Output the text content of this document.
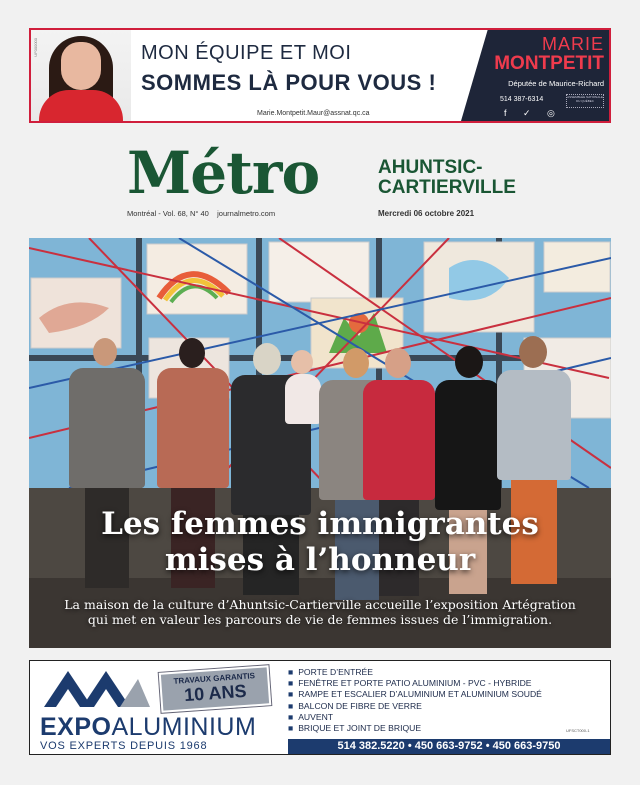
UF000000	MON ÉQUIPE ET MOI
SOMMES LÀ POUR VOUS !
Marie.Montpetit.Maur@assnat.qc.ca
MARIE
MONTPETIT
Députée de Maurice-Richard
514 387-6314	ASSEMBLÉE NATIONALE DU QUÉBEC
f ✓ ◎
Métro	AHUNTSIC-
CARTIERVILLE
Montréal - Vol. 68, N° 40 journalmetro.com	Mercredi 06 octobre 2021
Les femmes immigrantes
mises à l’honneur
La maison de la culture d’Ahuntsic-Cartierville accueille l’exposition Artégration
qui met en valeur les parcours de vie de femmes issues de l’immigration.
EXPOALUMINIUM
VOS EXPERTS DEPUIS 1968
TRAVAUX GARANTIS
10 ANS
■ PORTE D’ENTRÉE
■ FENÊTRE ET PORTE PATIO ALUMINIUM - PVC - HYBRIDE
■ RAMPE ET ESCALIER D’ALUMINIUM ET ALUMINIUM SOUDÉ
■ BALCON DE FIBRE DE VERRE
■ AUVENT
■ BRIQUE ET JOINT DE BRIQUE	UFSCT000-1
514 382.5220 • 450 663-9752 • 450 663-9750
